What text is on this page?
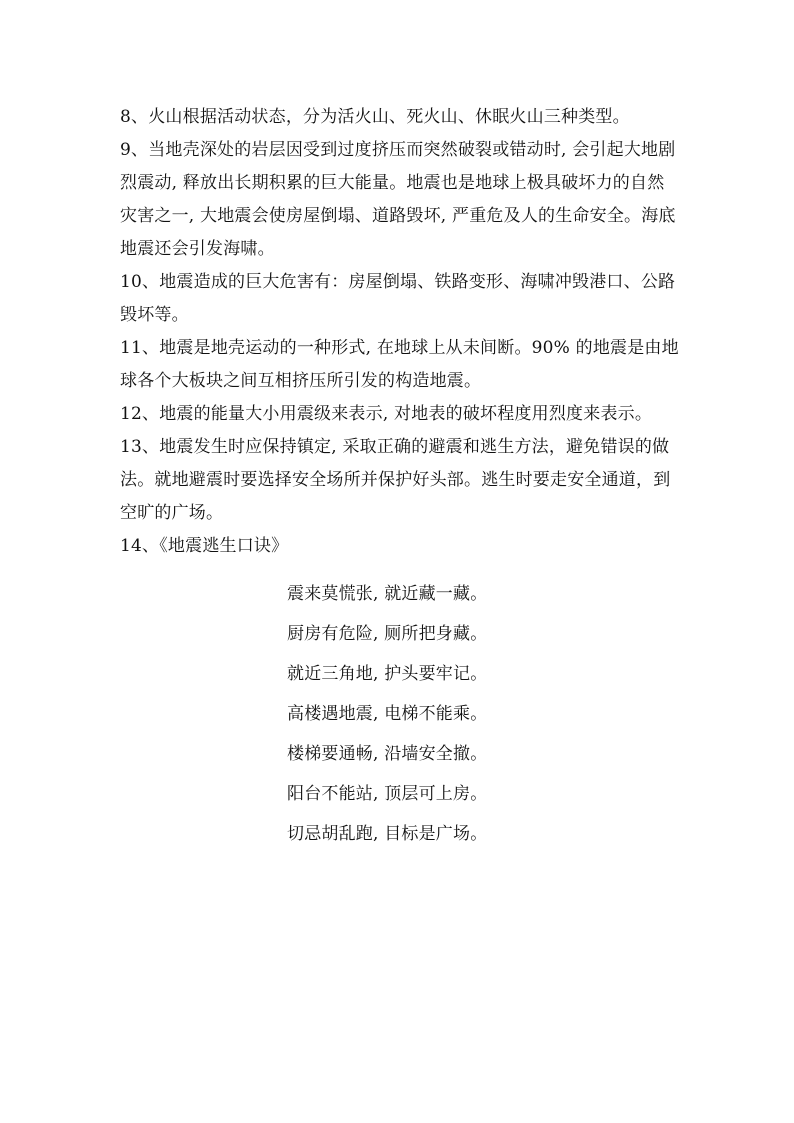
8、火山根据活动状态，分为活火山、死火山、休眠火山三种类型。

9、当地壳深处的岩层因受到过度挤压而突然破裂或错动时, 会引起大地剧烈震动, 释放出长期积累的巨大能量。地震也是地球上极具破坏力的自然灾害之一, 大地震会使房屋倒塌、道路毁坏, 严重危及人的生命安全。海底地震还会引发海啸。

10、地震造成的巨大危害有：房屋倒塌、铁路变形、海啸冲毁港口、公路毁坏等。

11、地震是地壳运动的一种形式, 在地球上从未间断。90% 的地震是由地球各个大板块之间互相挤压所引发的构造地震。

12、地震的能量大小用震级来表示, 对地表的破坏程度用烈度来表示。

13、地震发生时应保持镇定, 采取正确的避震和逃生方法，避免错误的做法。就地避震时要选择安全场所并保护好头部。逃生时要走安全通道，到空旷的广场。

14、《地震逃生口诀》

震来莫慌张, 就近藏一藏。

厨房有危险, 厕所把身藏。

就近三角地, 护头要牢记。

高楼遇地震, 电梯不能乘。

楼梯要通畅, 沿墙安全撤。

阳台不能站, 顶层可上房。

切忌胡乱跑, 目标是广场。
